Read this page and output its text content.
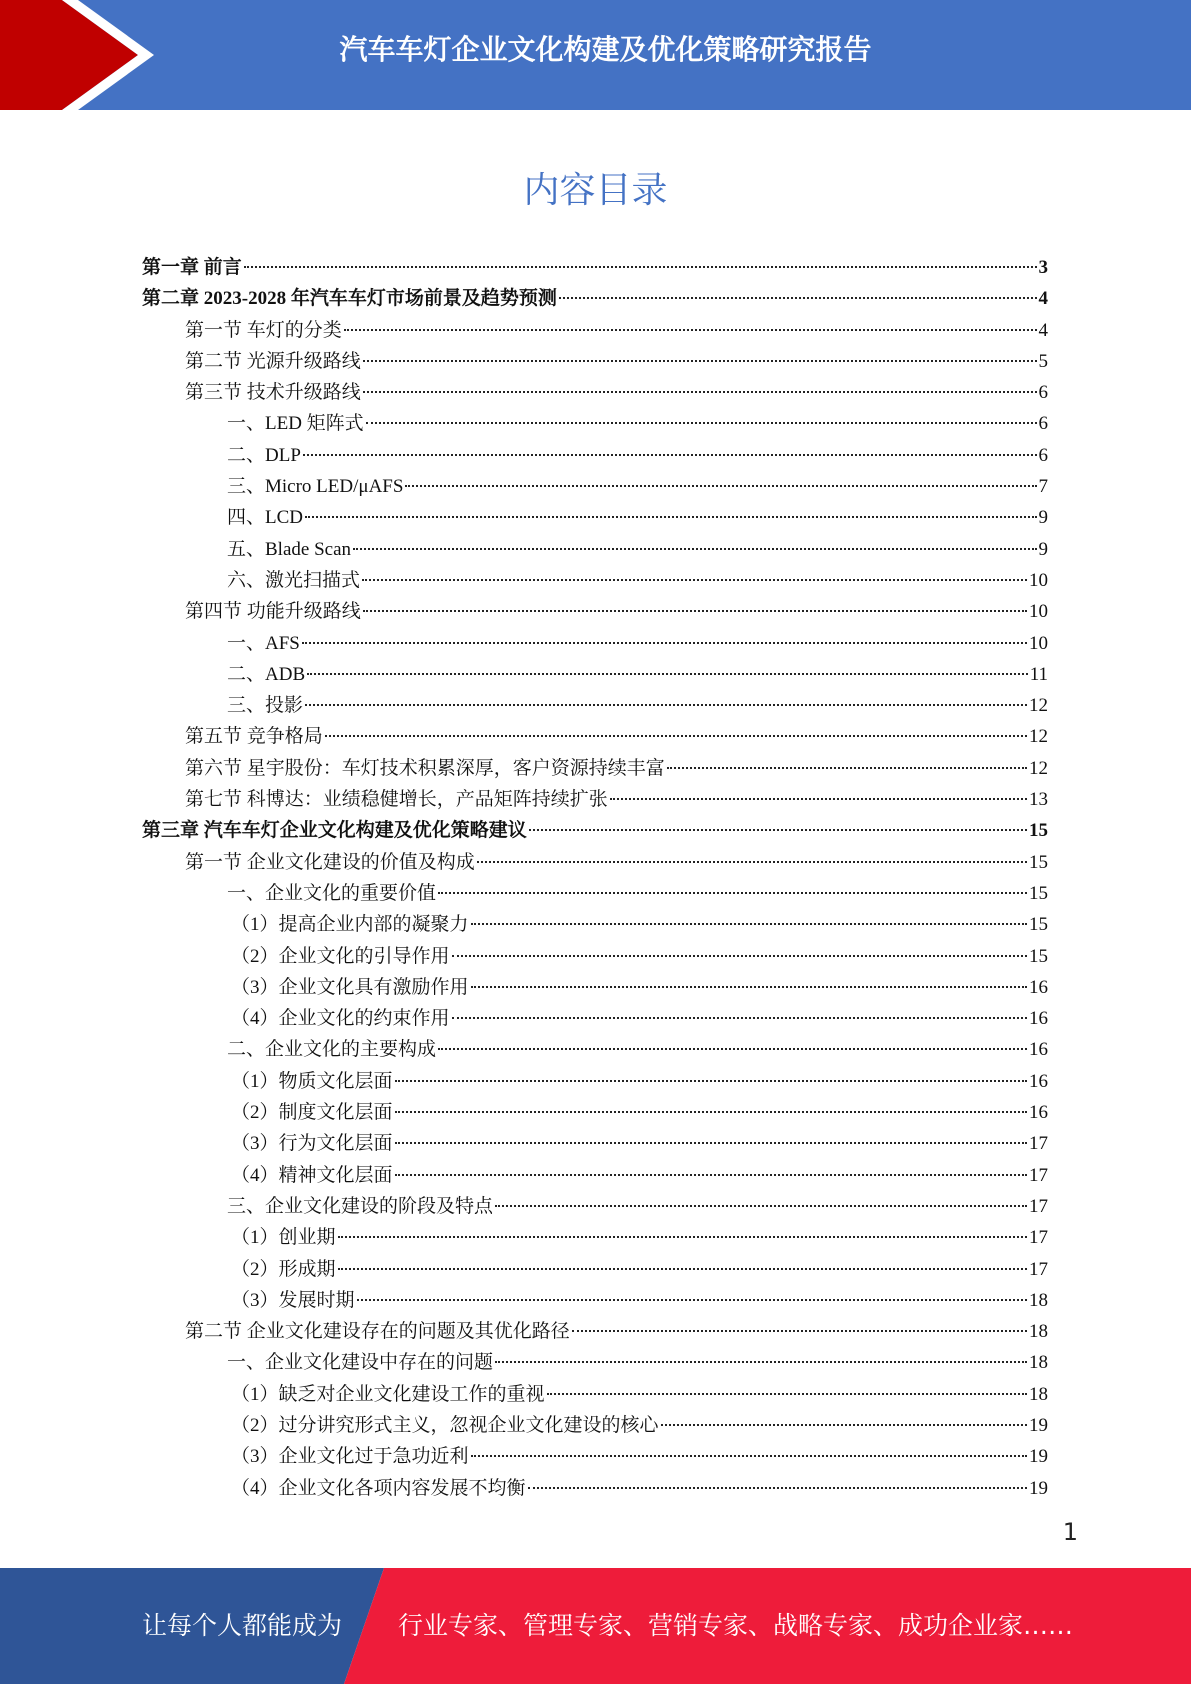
汽车车灯企业文化构建及优化策略研究报告
内容目录
第一章 前言	3
第二章 2023-2028 年汽车车灯市场前景及趋势预测	4
第一节 车灯的分类	4
第二节 光源升级路线	5
第三节 技术升级路线	6
一、LED 矩阵式	6
二、DLP	6
三、Micro LED/μAFS	7
四、LCD	9
五、Blade Scan	9
六、激光扫描式	10
第四节 功能升级路线	10
一、AFS	10
二、ADB	11
三、投影	12
第五节 竞争格局	12
第六节 星宇股份：车灯技术积累深厚，客户资源持续丰富	12
第七节 科博达：业绩稳健增长，产品矩阵持续扩张	13
第三章 汽车车灯企业文化构建及优化策略建议	15
第一节 企业文化建设的价值及构成	15
一、企业文化的重要价值	15
（1）提高企业内部的凝聚力	15
（2）企业文化的引导作用	15
（3）企业文化具有激励作用	16
（4）企业文化的约束作用	16
二、企业文化的主要构成	16
（1）物质文化层面	16
（2）制度文化层面	16
（3）行为文化层面	17
（4）精神文化层面	17
三、企业文化建设的阶段及特点	17
（1）创业期	17
（2）形成期	17
（3）发展时期	18
第二节 企业文化建设存在的问题及其优化路径	18
一、企业文化建设中存在的问题	18
（1）缺乏对企业文化建设工作的重视	18
（2）过分讲究形式主义，忽视企业文化建设的核心	19
（3）企业文化过于急功近利	19
（4）企业文化各项内容发展不均衡	19
1
让每个人都能成为 行业专家、管理专家、营销专家、战略专家、成功企业家……
